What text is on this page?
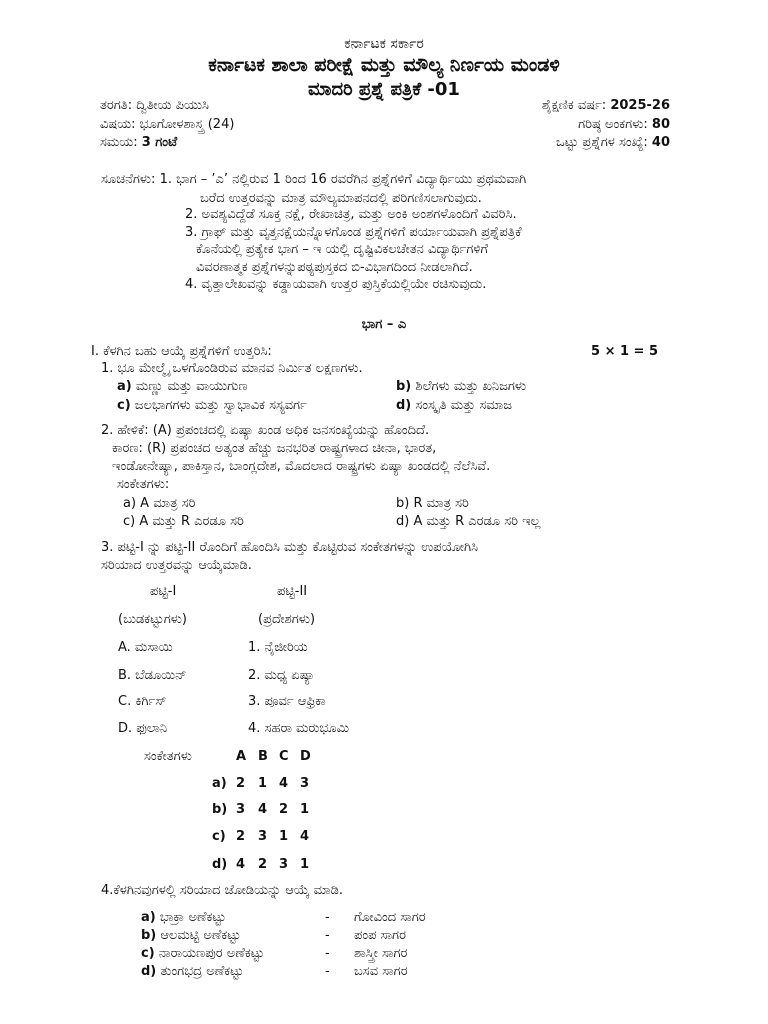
ಕರ್ನಾಟಕ ಸರ್ಕಾರ
ಕರ್ನಾಟಕ ಶಾಲಾ ಪರೀಕ್ಷೆ ಮತ್ತು ಮೌಲ್ಯ ನಿರ್ಣಯ ಮಂಡಳಿ
ಮಾದರಿ ಪ್ರಶ್ನೆ ಪತ್ರಿಕೆ -01
ತರಗತಿ: ದ್ವಿತೀಯ ಪಿಯುಸಿ	ಶೈಕ್ಷಣಿಕ ವರ್ಷ: 2025-26
ವಿಷಯ: ಭೂಗೋಳಶಾಸ್ತ್ರ (24)	ಗರಿಷ್ಠ ಅಂಕಗಳು: 80
ಸಮಯ: 3 ಗಂಟೆ	ಒಟ್ಟು ಪ್ರಶ್ನೆಗಳ ಸಂಖ್ಯೆ: 40
ಸೂಚನೆಗಳು: 1. ಭಾಗ – ’ಎ’ ನಲ್ಲಿರುವ 1 ರಿಂದ 16 ರವರೆಗಿನ ಪ್ರಶ್ನೆಗಳಿಗೆ ವಿದ್ಯಾರ್ಥಿಯು ಪ್ರಥಮವಾಗಿ
ಬರೆದ ಉತ್ತರವನ್ನು ಮಾತ್ರ ಮೌಲ್ಯಮಾಪನದಲ್ಲಿ ಪರಿಗಣಿಸಲಾಗುವುದು.
2. ಅವಶ್ಯವಿದ್ದೆಡೆ ಸೂಕ್ತ ನಕ್ಷೆ, ರೇಖಾಚಿತ್ರ, ಮತ್ತು ಅಂಕಿ ಅಂಶಗಳೊಂದಿಗೆ ವಿವರಿಸಿ.
3. ಗ್ರಾಫ್ ಮತ್ತು ವೃತ್ತನಕ್ಷೆಯನ್ನೊಳಗೊಂಡ ಪ್ರಶ್ನೆಗಳಿಗೆ ಪರ್ಯಾಯವಾಗಿ ಪ್ರಶ್ನೆಪತ್ರಿಕೆ
ಕೊನೆಯಲ್ಲಿ ಪ್ರತ್ಯೇಕ ಭಾಗ – ಇ ಯಲ್ಲಿ ದೃಷ್ಟಿವಿಕಲಚೇತನ ವಿದ್ಯಾರ್ಥಿಗಳಿಗೆ
ವಿವರಣಾತ್ಮಕ ಪ್ರಶ್ನೆಗಳನ್ನುಪಠ್ಯಪುಸ್ತಕದ ಬಿ-ವಿಭಾಗದಿಂದ ನೀಡಲಾಗಿದೆ.
4. ವೃತ್ತಾಲೇಖವನ್ನು ಕಡ್ಡಾಯವಾಗಿ ಉತ್ತರ ಪುಸ್ತಿಕೆಯಲ್ಲಿಯೇ ರಚಿಸುವುದು.
ಭಾಗ – ಎ
I. ಕೆಳಗಿನ ಬಹು ಆಯ್ಕೆ ಪ್ರಶ್ನೆಗಳಿಗೆ ಉತ್ತರಿಸಿ:	5 × 1 = 5
1. ಭೂ ಮೇಲ್ಮೈ ಒಳಗೊಂಡಿರುವ ಮಾನವ ನಿರ್ಮಿತ ಲಕ್ಷಣಗಳು.
a) ಮಣ್ಣು ಮತ್ತು ವಾಯುಗುಣ	b) ಶಿಲೆಗಳು ಮತ್ತು ಖನಿಜಗಳು
c) ಜಲಭಾಗಗಳು ಮತ್ತು ಸ್ವಾಭಾವಿಕ ಸಸ್ಯವರ್ಗ	d) ಸಂಸ್ಕೃತಿ ಮತ್ತು ಸಮಾಜ
2. ಹೇಳಿಕೆ: (A) ಪ್ರಪಂಚದಲ್ಲಿ ಏಷ್ಯಾ ಖಂಡ ಅಧಿಕ ಜನಸಂಖ್ಯೆಯನ್ನು ಹೊಂದಿದೆ.
ಕಾರಣ: (R) ಪ್ರಪಂಚದ ಅತ್ಯಂತ ಹೆಚ್ಚು ಜನಭರಿತ ರಾಷ್ಟ್ರಗಳಾದ ಚೀನಾ, ಭಾರತ,
ಇಂಡೋನೇಷ್ಯಾ, ಪಾಕಿಸ್ತಾನ, ಬಾಂಗ್ಲದೇಶ, ಮೊದಲಾದ ರಾಷ್ಟ್ರಗಳು ಏಷ್ಯಾ ಖಂಡದಲ್ಲಿ ನೆಲೆಸಿವೆ.
ಸಂಕೇತಗಳು:
a) A ಮಾತ್ರ ಸರಿ	b) R ಮಾತ್ರ ಸರಿ
c) A ಮತ್ತು R ಎರಡೂ ಸರಿ	d) A ಮತ್ತು R ಎರಡೂ ಸರಿ ಇಲ್ಲ
3. ಪಟ್ಟಿ-I ನ್ನು ಪಟ್ಟಿ-II ರೊಂದಿಗೆ ಹೊಂದಿಸಿ ಮತ್ತು ಕೊಟ್ಟಿರುವ ಸಂಕೇತಗಳನ್ನು ಉಪಯೋಗಿಸಿ
ಸರಿಯಾದ ಉತ್ತರವನ್ನು ಆಯ್ಕೆಮಾಡಿ.
ಪಟ್ಟಿ-I	ಪಟ್ಟಿ-II
(ಬುಡಕಟ್ಟುಗಳು)	(ಪ್ರದೇಶಗಳು)
A. ಮಸಾಯಿ	1. ನೈಜೀರಿಯ
B. ಬೆಡೂಯಿನ್	2. ಮಧ್ಯ ಏಷ್ಯಾ
C. ಕಿರ್ಗಿಸ್	3. ಪೂರ್ವ ಆಫ್ರಿಕಾ
D. ಫುಲಾನಿ	4. ಸಹರಾ ಮರುಭೂಮಿ
ಸಂಕೇತಗಳು	A B C D
a) 2 1 4 3
b) 3 4 2 1
c) 2 3 1 4
d) 4 2 3 1
4.ಕೆಳಗಿನವುಗಳಲ್ಲಿ ಸರಿಯಾದ ಜೋಡಿಯನ್ನು ಆಯ್ಕೆ ಮಾಡಿ.
a) ಭಾಕ್ರಾ ಅಣೆಕಟ್ಟು	- ಗೋವಿಂದ ಸಾಗರ
b) ಆಲಮಟ್ಟಿ ಅಣೆಕಟ್ಟು	- ಪಂಪ ಸಾಗರ
c) ನಾರಾಯಣಪುರ ಅಣೆಕಟ್ಟು	- ಶಾಸ್ತ್ರೀ ಸಾಗರ
d) ತುಂಗಭದ್ರ ಅಣೆಕಟ್ಟು	- ಬಸವ ಸಾಗರ
